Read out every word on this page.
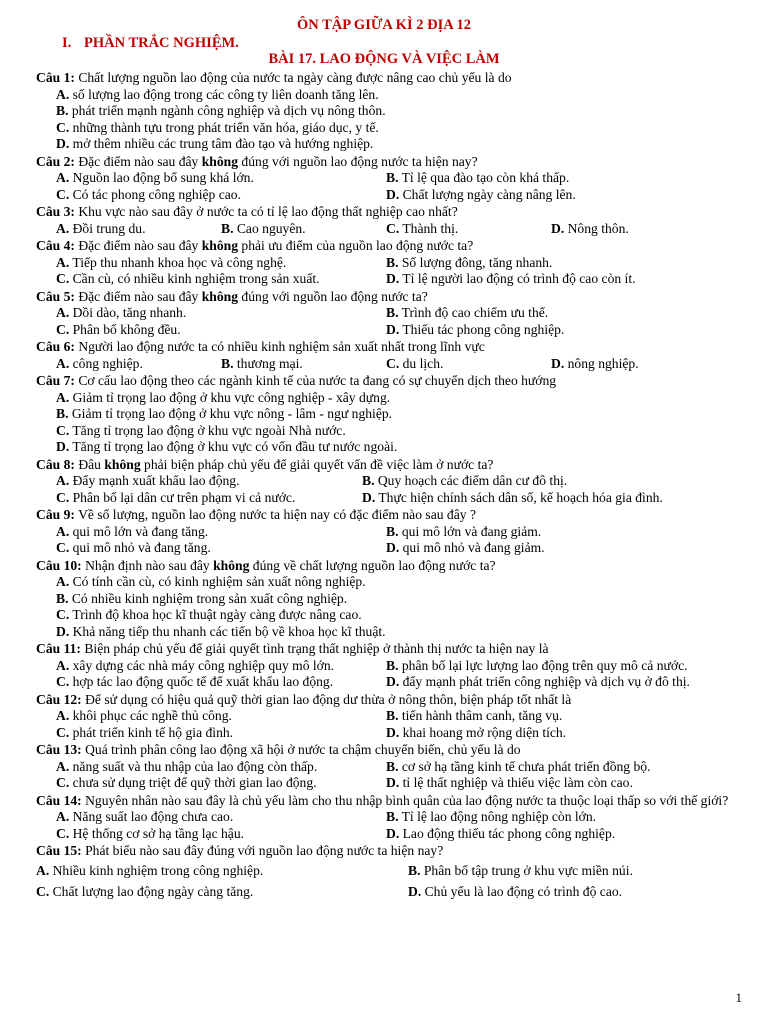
ÔN TẬP GIỮA KÌ 2 ĐỊA 12
I. PHẦN TRẮC NGHIỆM.
BÀI 17. LAO ĐỘNG VÀ VIỆC LÀM
Câu 1: Chất lượng nguồn lao động của nước ta ngày càng được nâng cao chủ yếu là do
A. số lượng lao động trong các công ty liên doanh tăng lên.
B. phát triển mạnh ngành công nghiệp và dịch vụ nông thôn.
C. những thành tựu trong phát triển văn hóa, giáo dục, y tế.
D. mở thêm nhiều các trung tâm đào tạo và hướng nghiệp.
Câu 2: Đặc điểm nào sau đây không đúng với nguồn lao động nước ta hiện nay?
A. Nguồn lao động bổ sung khá lớn.	B. Tỉ lệ qua đào tạo còn khá thấp.
C. Có tác phong công nghiệp cao.	D. Chất lượng ngày càng nâng lên.
Câu 3: Khu vực nào sau đây ở nước ta có tỉ lệ lao động thất nghiệp cao nhất?
A. Đồi trung du.	B. Cao nguyên.	C. Thành thị.	D. Nông thôn.
Câu 4: Đặc điểm nào sau đây không phải ưu điểm của nguồn lao động nước ta?
A. Tiếp thu nhanh khoa học và công nghệ.	B. Số lượng đông, tăng nhanh.
C. Cần cù, có nhiều kinh nghiệm trong sản xuất.	D. Tỉ lệ người lao động có trình độ cao còn ít.
Câu 5: Đặc điểm nào sau đây không đúng với nguồn lao động nước ta?
A. Dồi dào, tăng nhanh.	B. Trình độ cao chiếm ưu thế.
C. Phân bố không đều.	D. Thiếu tác phong công nghiệp.
Câu 6: Người lao động nước ta có nhiều kinh nghiệm sản xuất nhất trong lĩnh vực
A. công nghiệp.	B. thương mại.	C. du lịch.	D. nông nghiệp.
Câu 7: Cơ cấu lao động theo các ngành kinh tế của nước ta đang có sự chuyển dịch theo hướng
A. Giảm tỉ trọng lao động ở khu vực công nghiệp - xây dựng.
B. Giảm tỉ trọng lao động ở khu vực nông - lâm - ngư nghiệp.
C. Tăng tỉ trọng lao động ở khu vực ngoài Nhà nước.
D. Tăng tỉ trọng lao động ở khu vực có vốn đầu tư nước ngoài.
Câu 8: Đâu không phải biện pháp chủ yếu để giải quyết vấn đề việc làm ở nước ta?
A. Đẩy mạnh xuất khẩu lao động.	B. Quy hoạch các điểm dân cư đô thị.
C. Phân bố lại dân cư trên phạm vi cả nước.	D. Thực hiện chính sách dân số, kế hoạch hóa gia đình.
Câu 9: Về số lượng, nguồn lao động nước ta hiện nay có đặc điểm nào sau đây ?
A. qui mô lớn và đang tăng.	B. qui mô lớn và đang giảm.
C. qui mô nhỏ và đang tăng.	D. qui mô nhỏ và đang giảm.
Câu 10: Nhận định nào sau đây không đúng về chất lượng nguồn lao động nước ta?
A. Có tính cần cù, có kinh nghiệm sản xuất nông nghiệp.
B. Có nhiều kinh nghiệm trong sản xuất công nghiệp.
C. Trình độ khoa học kĩ thuật ngày càng được nâng cao.
D. Khả năng tiếp thu nhanh các tiến bộ về khoa học kĩ thuật.
Câu 11: Biện pháp chủ yếu để giải quyết tình trạng thất nghiệp ở thành thị nước ta hiện nay là
A. xây dựng các nhà máy công nghiệp quy mô lớn.	B. phân bố lại lực lượng lao động trên quy mô cả nước.
C. hợp tác lao động quốc tế để xuất khẩu lao động.	D. đẩy mạnh phát triển công nghiệp và dịch vụ ở đô thị.
Câu 12: Để sử dụng có hiệu quả quỹ thời gian lao động dư thừa ở nông thôn, biện pháp tốt nhất là
A. khôi phục các nghề thủ công.	B. tiến hành thâm canh, tăng vụ.
C. phát triển kinh tế hộ gia đình.	D. khai hoang mở rộng diện tích.
Câu 13: Quá trình phân công lao động xã hội ở nước ta chậm chuyển biến, chủ yếu là do
A. năng suất và thu nhập của lao động còn thấp.	B. cơ sở hạ tầng kinh tế chưa phát triển đồng bộ.
C. chưa sử dụng triệt để quỹ thời gian lao động.	D. tỉ lệ thất nghiệp và thiếu việc làm còn cao.
Câu 14: Nguyên nhân nào sau đây là chủ yếu làm cho thu nhập bình quân của lao động nước ta thuộc loại thấp so với thế giới?
A. Năng suất lao động chưa cao.	B. Tỉ lệ lao động nông nghiệp còn lớn.
C. Hệ thống cơ sở hạ tầng lạc hậu.	D. Lao động thiếu tác phong công nghiệp.
Câu 15: Phát biểu nào sau đây đúng với nguồn lao động nước ta hiện nay?
A. Nhiều kinh nghiệm trong công nghiệp.	B. Phân bố tập trung ở khu vực miền núi.
C. Chất lượng lao động ngày càng tăng.	D. Chủ yếu là lao động có trình độ cao.
1
